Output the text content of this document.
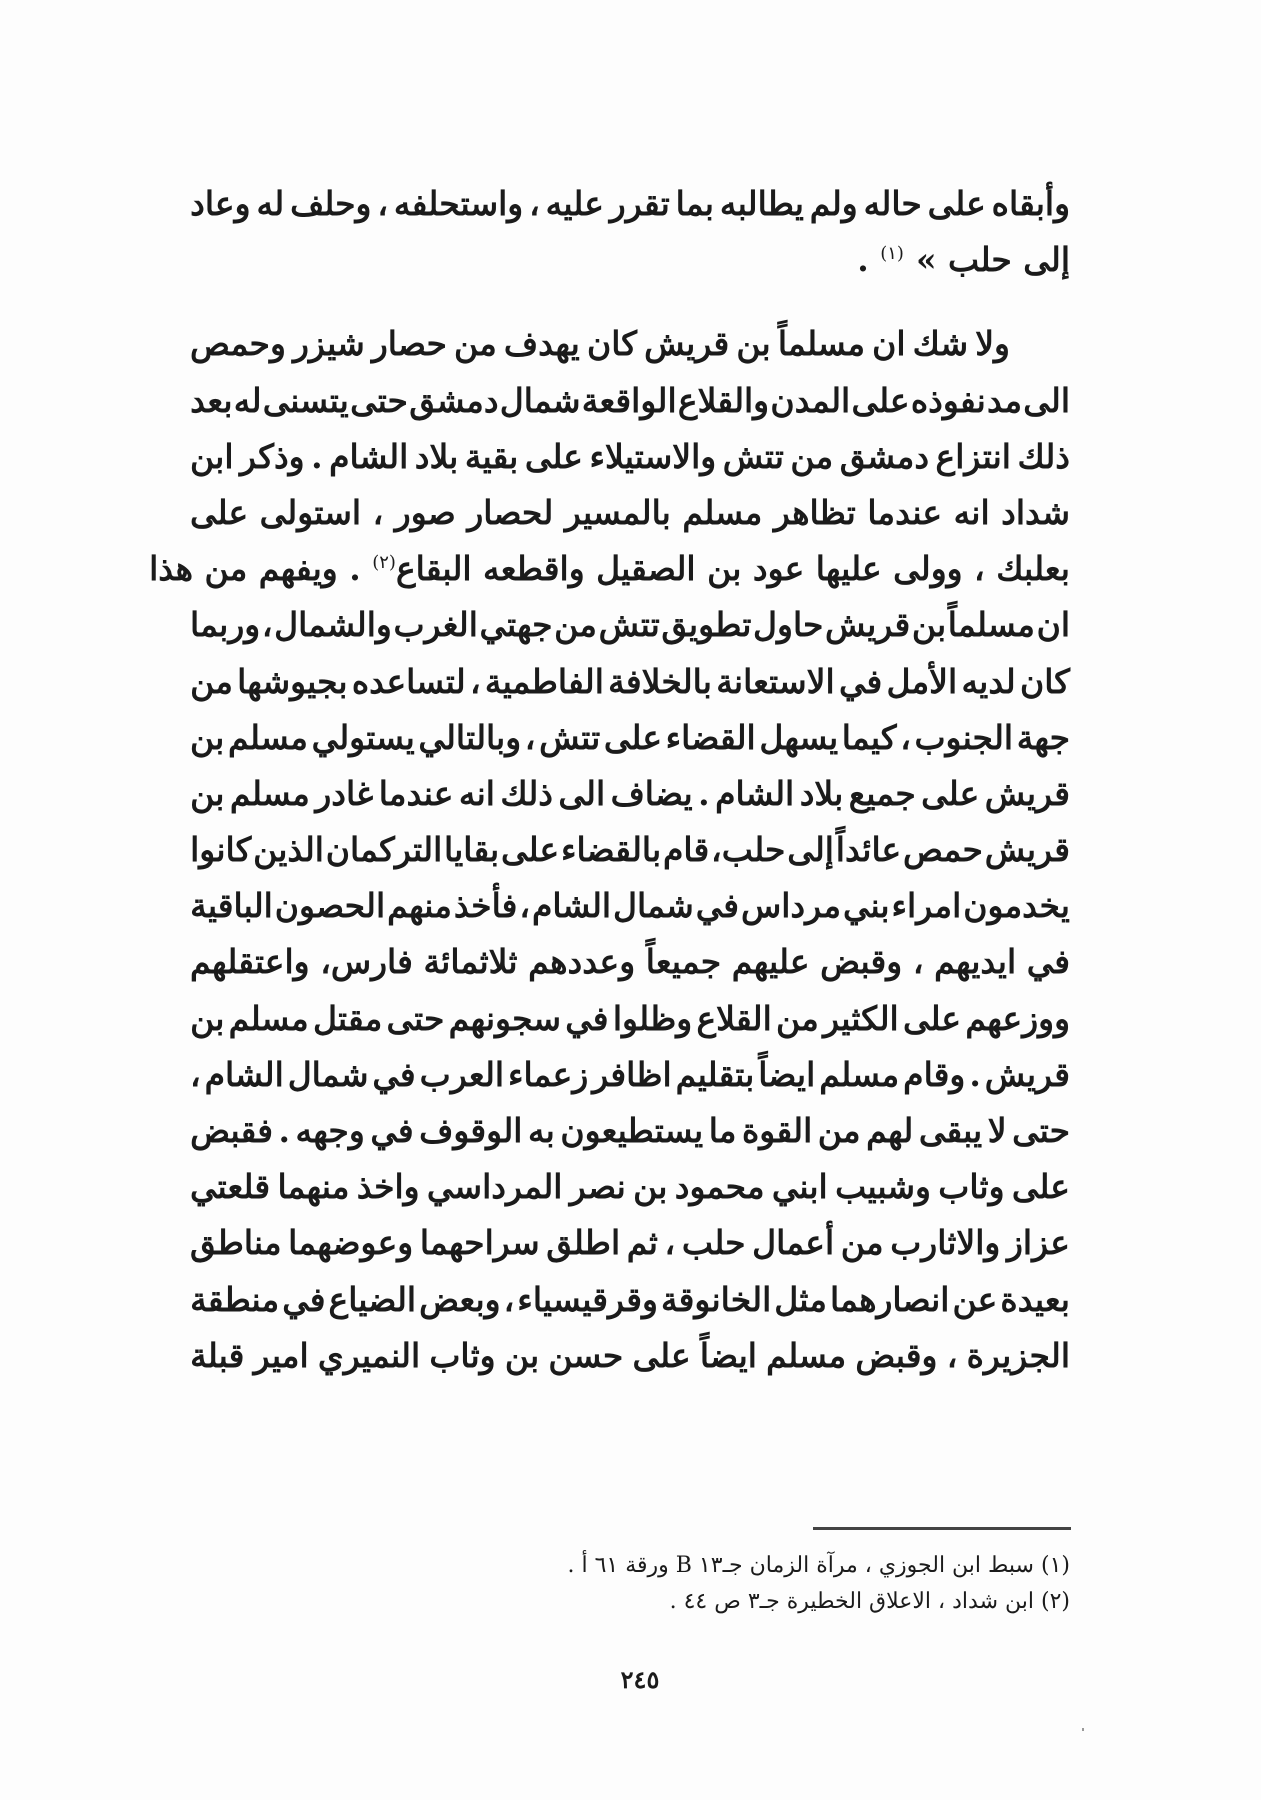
وأبقاه
على
حاله
ولم
يطالبه
بما
تقرر
عليه
،
واستحلفه
،
وحلف
له
وعاد
إلى حلب »
$^{(١)}$ .
ولا
شك
ان
مسلماً
بن
قريش
كان
يهدف
من
حصار
شيزر
وحمص
الى
مد
نفوذه
على
المدن
والقلاع
الواقعة
شمال
دمشق
حتى
يتسنى
له
بعد
ذلك
انتزاع
دمشق
من
تتش
والاستيلاء
على
بقية
بلاد
الشام
.
وذكر
ابن
شداد
انه
عندما
تظاهر
مسلم
بالمسير
لحصار
صور
،
استولى
على
بعلبك ، وولى عليها عود بن الصقيل واقطعه البقاع
$^{(٢)}$ . ويفهم من هذا
ان
مسلماً
بن
قريش
حاول
تطويق
تتش
من
جهتي
الغرب
والشمال
،
وربما
كان
لديه
الأمل
في
الاستعانة
بالخلافة
الفاطمية
،
لتساعده
بجيوشها
من
جهة
الجنوب
،
كيما
يسهل
القضاء
على
تتش
،
وبالتالي
يستولي
مسلم
بن
قريش
على
جميع
بلاد
الشام
.
يضاف
الى
ذلك
انه
عندما
غادر
مسلم
بن
قريش
حمص
عائداً
إلى
حلب،
قام
بالقضاء
على
بقايا
التركمان
الذين
كانوا
يخدمون
امراء
بني
مرداس
في
شمال
الشام
،
فأخذ
منهم
الحصون
الباقية
في
ايديهم
،
وقبض
عليهم
جميعاً
وعددهم
ثلاثمائة
فارس،
واعتقلهم
ووزعهم
على
الكثير
من
القلاع
وظلوا
في
سجونهم
حتى
مقتل
مسلم
بن
قريش
.
وقام
مسلم
ايضاً
بتقليم
اظافر
زعماء
العرب
في
شمال
الشام
،
حتى
لا
يبقى
لهم
من
القوة
ما
يستطيعون
به
الوقوف
في
وجهه
.
فقبض
على
وثاب
وشبيب
ابني
محمود
بن
نصر
المرداسي
واخذ
منهما
قلعتي
عزاز
والاثارب
من
أعمال
حلب
،
ثم
اطلق
سراحهما
وعوضهما
مناطق
بعيدة
عن
انصارهما
مثل
الخانوقة
وقرقيسياء
،
وبعض
الضياع
في
منطقة
الجزيرة
،
وقبض
مسلم
ايضاً
على
حسن
بن
وثاب
النميري
امير
قبلة
(١) سبط ابن الجوزي ، مرآة الزمان جـ١٣ B ورقة ٦١ أ .
(٢) ابن شداد ، الاعلاق الخطيرة جـ٣ ص ٤٤ .
٢٤٥
